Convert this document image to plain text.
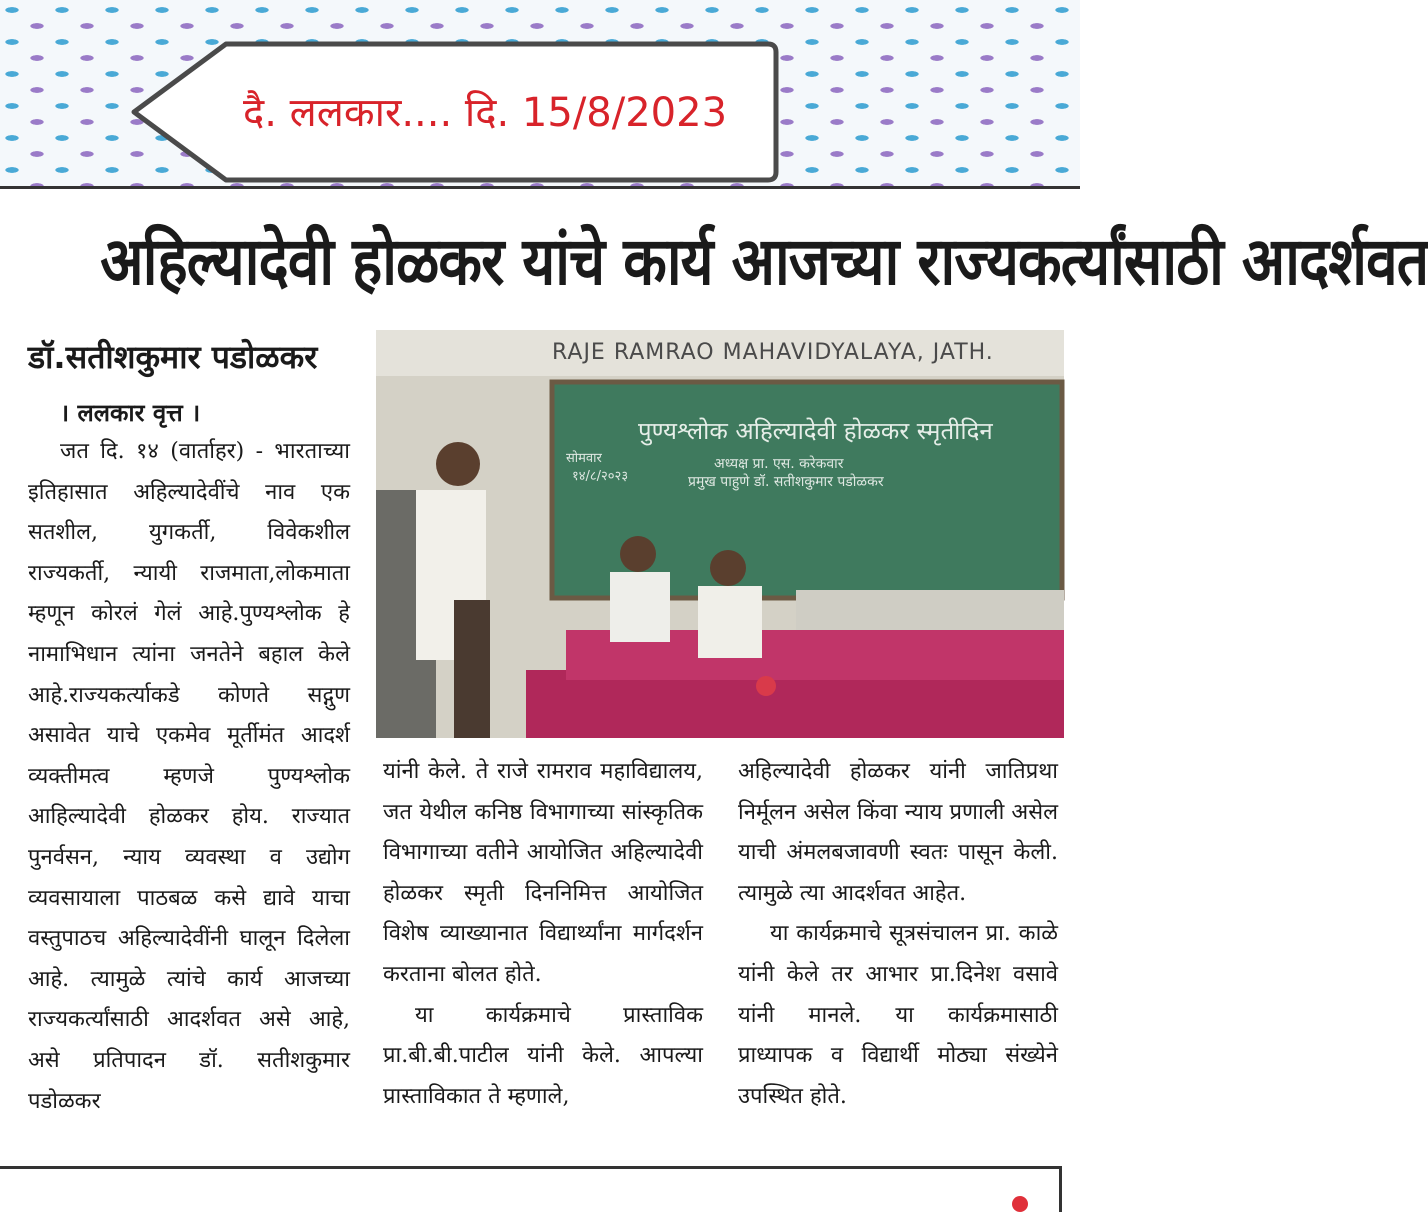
दै. ललकार.... दि. 15/8/2023
अहिल्यादेवी होळकर यांचे कार्य आजच्या राज्यकर्त्यांसाठी आदर्शवत
डॉ.सतीशकुमार पडोळकर
। ललकार वृत्त ।

जत दि. १४ (वार्ताहर) - भारताच्या इतिहासात अहिल्यादेवींचे नाव एक सतशील, युगकर्ती, विवेकशील राज्यकर्ती, न्यायी राजमाता,लोकमाता म्हणून कोरलं गेलं आहे.पुण्यश्लोक हे नामाभिधान त्यांना जनतेने बहाल केले आहे.राज्यकर्त्याकडे कोणते सद्गुण असावेत याचे एकमेव मूर्तीमंत आदर्श व्यक्तीमत्व म्हणजे पुण्यश्लोक आहिल्यादेवी होळकर होय. राज्यात पुनर्वसन, न्याय व्यवस्था व उद्योग व्यवसायाला पाठबळ कसे द्यावे याचा वस्तुपाठच अहिल्यादेवींनी घालून दिलेला आहे. त्यामुळे त्यांचे कार्य आजच्या राज्यकर्त्यांसाठी आदर्शवत असे आहे, असे प्रतिपादन डॉ. सतीशकुमार पडोळकर

RAJE RAMRAO MAHAVIDYALAYA, JATH.
पुण्यश्लोक अहिल्यादेवी होळकर स्मृतीदिन
सोमवार
१४/८/२०२३
अध्यक्ष प्रा. एस. करेकवार
प्रमुख पाहुणे डॉ. सतीशकुमार पडोळकर

यांनी केले. ते राजे रामराव महाविद्यालय, जत येथील कनिष्ठ विभागाच्या सांस्कृतिक विभागाच्या वतीने आयोजित अहिल्यादेवी होळकर स्मृती दिननिमित्त आयोजित विशेष व्याख्यानात विद्यार्थ्यांना मार्गदर्शन करताना बोलत होते.

या कार्यक्रमाचे प्रास्ताविक प्रा.बी.बी.पाटील यांनी केले. आपल्या प्रास्ताविकात ते म्हणाले,

अहिल्यादेवी होळकर यांनी जातिप्रथा निर्मूलन असेल किंवा न्याय प्रणाली असेल याची अंमलबजावणी स्वतः पासून केली. त्यामुळे त्या आदर्शवत आहेत.

या कार्यक्रमाचे सूत्रसंचालन प्रा. काळे यांनी केले तर आभार प्रा.दिनेश वसावे यांनी मानले. या कार्यक्रमासाठी प्राध्यापक व विद्यार्थी मोठ्या संख्येने उपस्थित होते.
